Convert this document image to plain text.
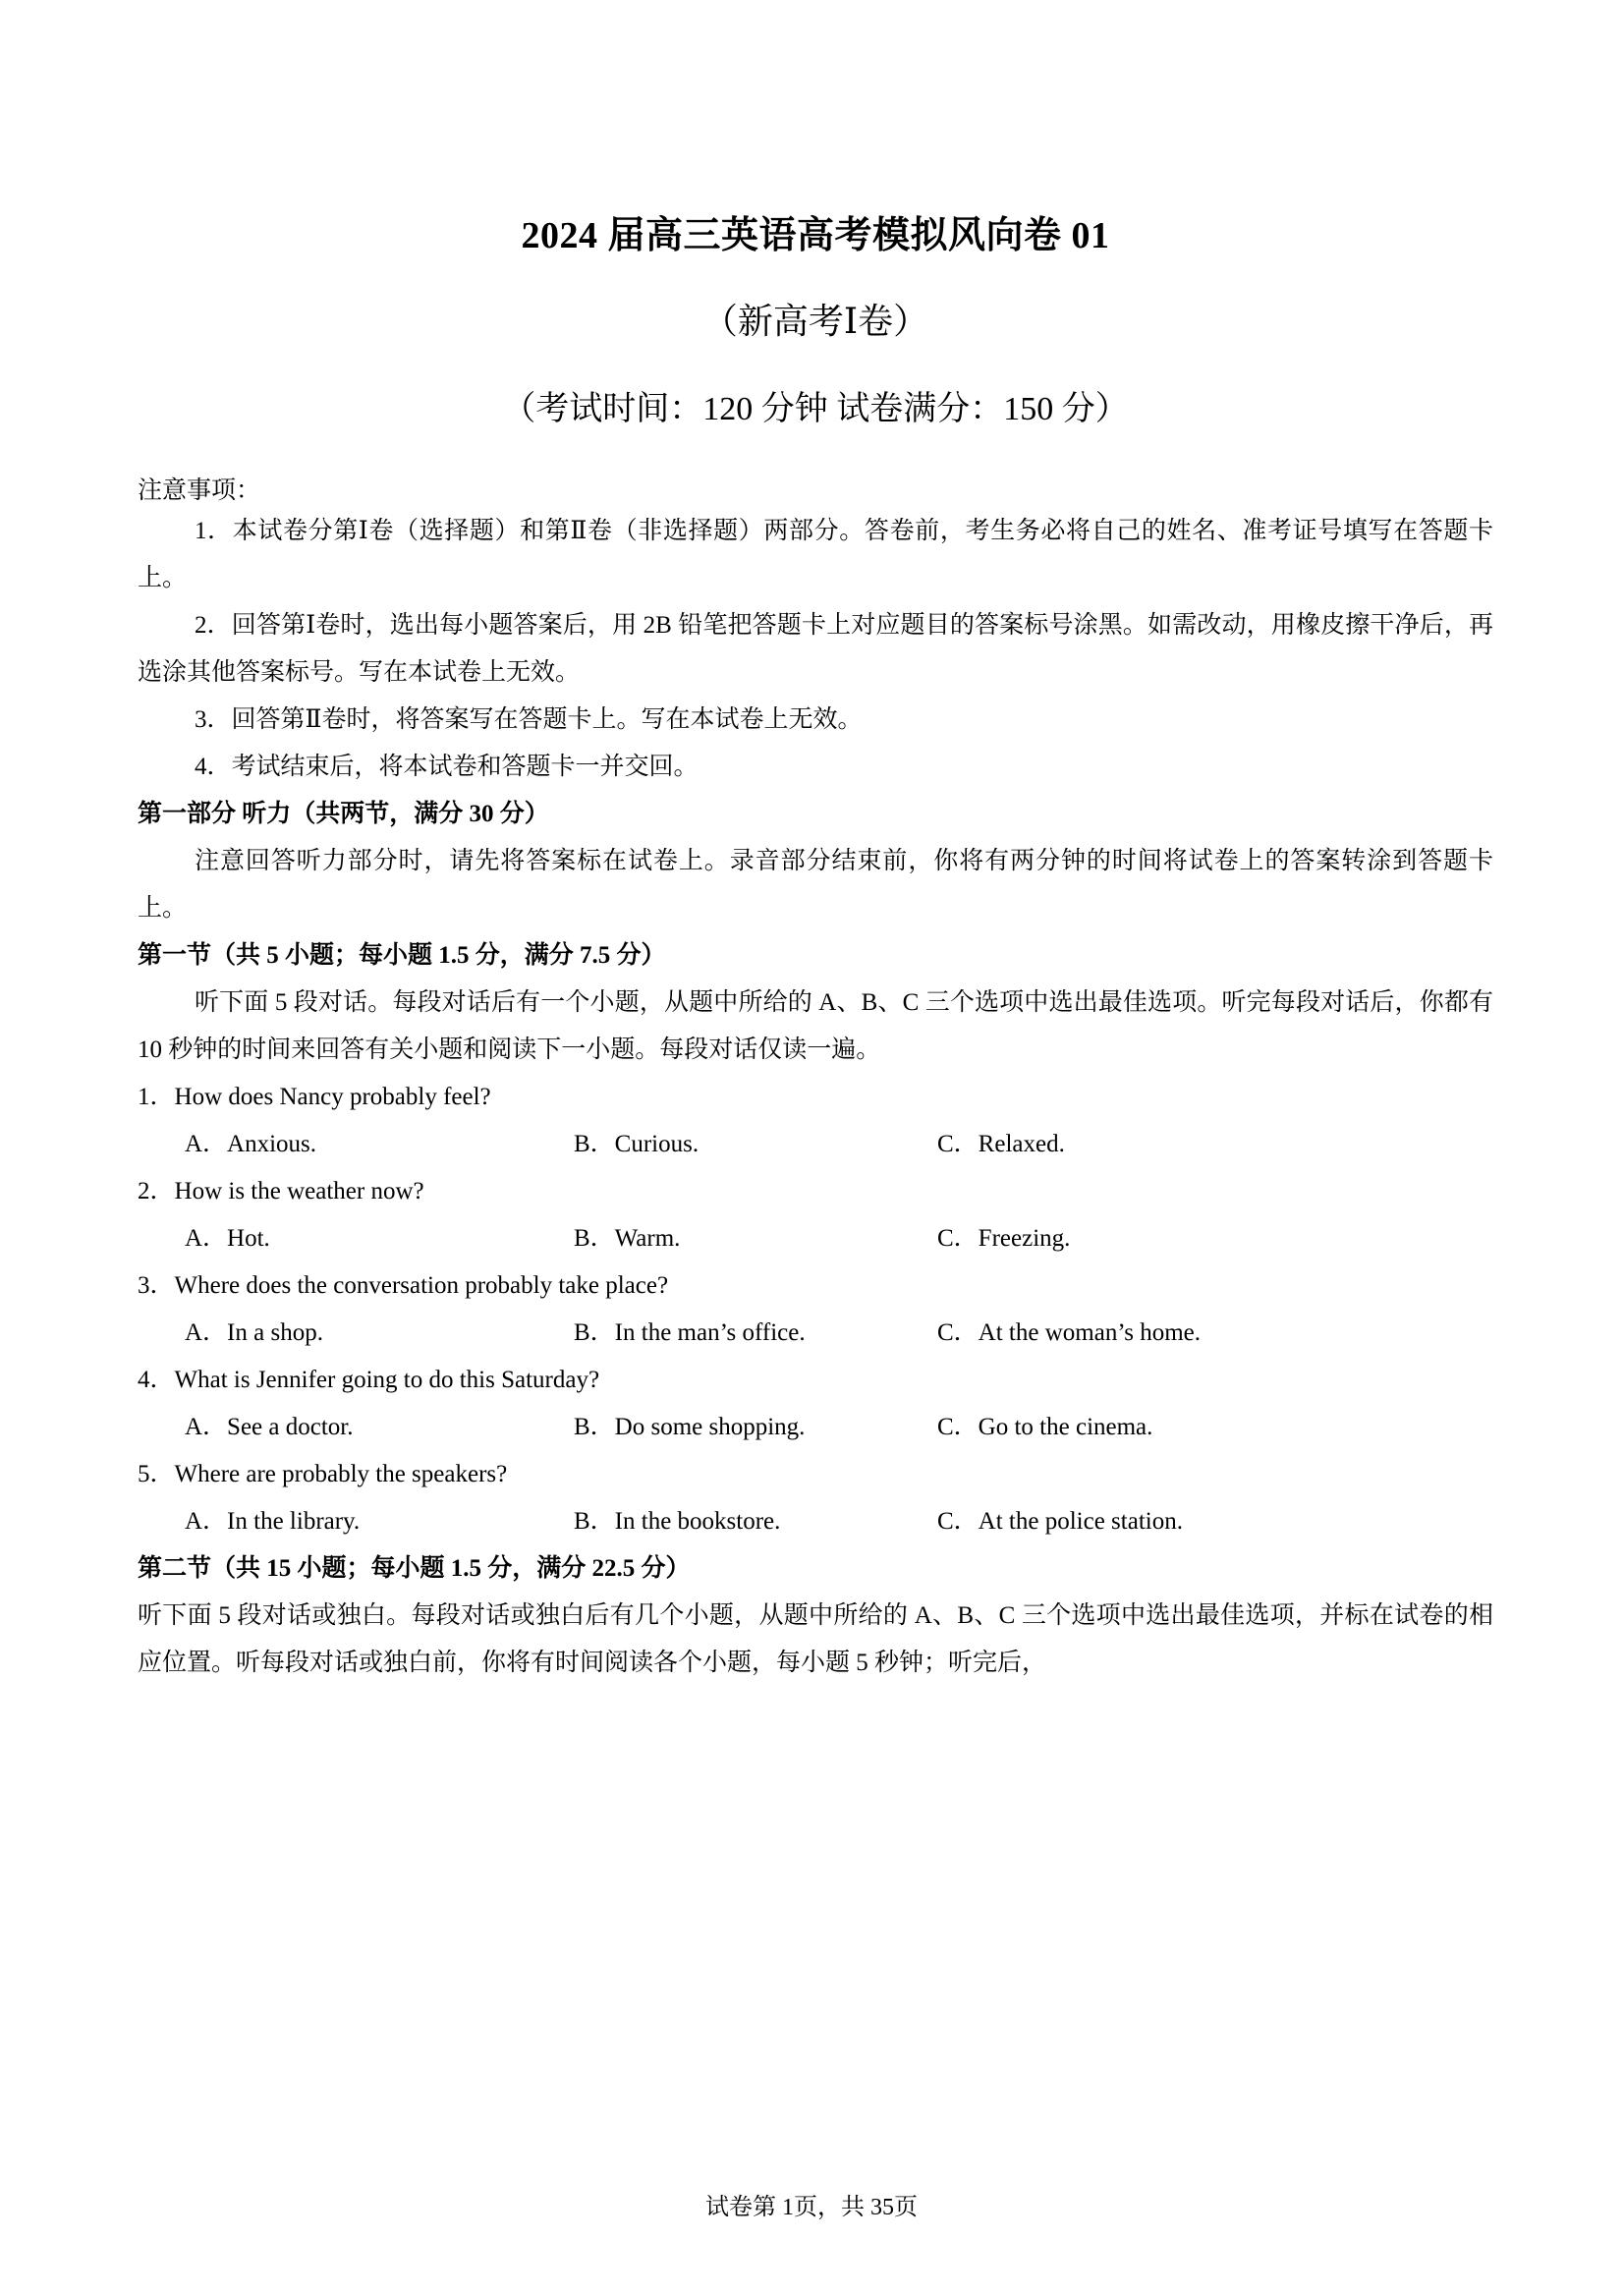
2024 届高三英语高考模拟风向卷 01
（新高考Ⅰ卷）
（考试时间：120 分钟 试卷满分：150 分）
注意事项：

1．本试卷分第Ⅰ卷（选择题）和第Ⅱ卷（非选择题）两部分。答卷前，考生务必将自己的姓名、准考证号填写在答题卡上。

2．回答第Ⅰ卷时，选出每小题答案后，用 2B 铅笔把答题卡上对应题目的答案标号涂黑。如需改动，用橡皮擦干净后，再选涂其他答案标号。写在本试卷上无效。

3．回答第Ⅱ卷时，将答案写在答题卡上。写在本试卷上无效。

4．考试结束后，将本试卷和答题卡一并交回。

第一部分 听力（共两节，满分 30 分）

注意回答听力部分时，请先将答案标在试卷上。录音部分结束前，你将有两分钟的时间将试卷上的答案转涂到答题卡上。

第一节（共 5 小题；每小题 1.5 分，满分 7.5 分）

听下面 5 段对话。每段对话后有一个小题，从题中所给的 A、B、C 三个选项中选出最佳选项。听完每段对话后，你都有 10 秒钟的时间来回答有关小题和阅读下一小题。每段对话仅读一遍。

1．How does Nancy probably feel?
A．Anxious.	B．Curious.	C．Relaxed.
2．How is the weather now?
A．Hot.	B．Warm.	C．Freezing.
3．Where does the conversation probably take place?
A．In a shop.	B．In the man’s office.	C．At the woman’s home.
4．What is Jennifer going to do this Saturday?
A．See a doctor.	B．Do some shopping.	C．Go to the cinema.
5．Where are probably the speakers?
A．In the library.	B．In the bookstore.	C．At the police station.
第二节（共 15 小题；每小题 1.5 分，满分 22.5 分）

听下面 5 段对话或独白。每段对话或独白后有几个小题，从题中所给的 A、B、C 三个选项中选出最佳选项，并标在试卷的相应位置。听每段对话或独白前，你将有时间阅读各个小题，每小题 5 秒钟；听完后，

试卷第 1页，共 35页
